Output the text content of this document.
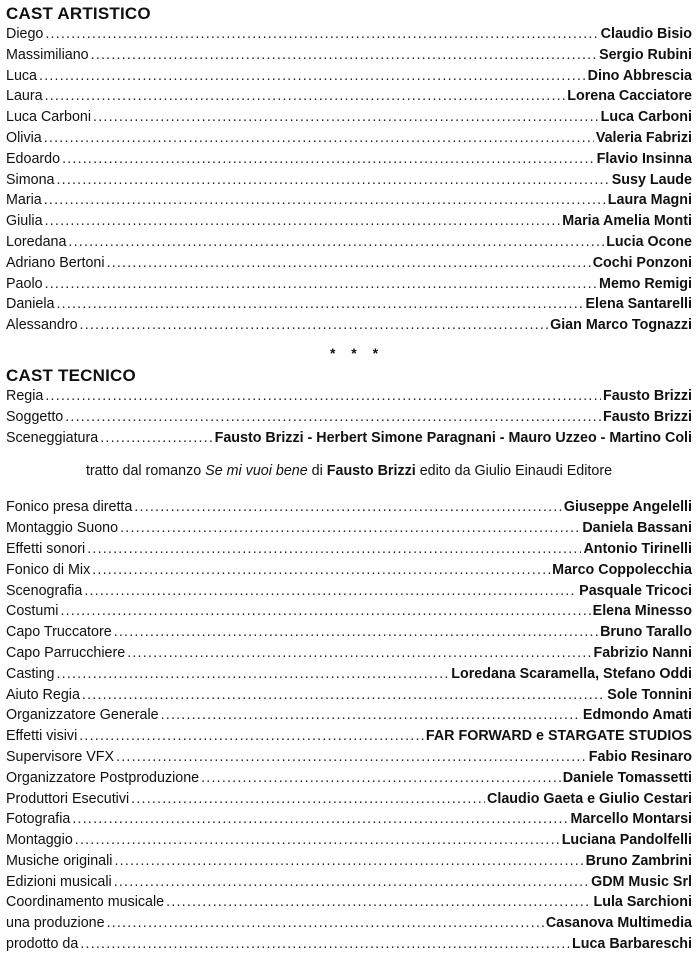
CAST ARTISTICO
Diego .....	Claudio Bisio
Massimiliano .....	Sergio Rubini
Luca .....	Dino Abbrescia
Laura .....	Lorena Cacciatore
Luca Carboni .....	Luca Carboni
Olivia .....	Valeria Fabrizi
Edoardo .....	Flavio Insinna
Simona .....	Susy Laude
Maria .....	Laura Magni
Giulia .....	Maria Amelia Monti
Loredana .....	Lucia Ocone
Adriano Bertoni .....	Cochi Ponzoni
Paolo .....	Memo Remigi
Daniela .....	Elena Santarelli
Alessandro .....	Gian Marco Tognazzi
* * *
CAST TECNICO
Regia .....	Fausto Brizzi
Soggetto .....	Fausto Brizzi
Sceneggiatura .....	Fausto Brizzi - Herbert Simone Paragnani - Mauro Uzzeo - Martino Coli
tratto dal romanzo Se mi vuoi bene di Fausto Brizzi edito da Giulio Einaudi Editore
Fonico presa diretta .....	Giuseppe Angelelli
Montaggio Suono .....	Daniela Bassani
Effetti sonori .....	Antonio Tirinelli
Fonico di Mix .....	Marco Coppolecchia
Scenografia .....	Pasquale Tricoci
Costumi .....	Elena Minesso
Capo Truccatore .....	Bruno Tarallo
Capo Parrucchiere .....	Fabrizio Nanni
Casting .....	Loredana Scaramella, Stefano Oddi
Aiuto Regia .....	Sole Tonnini
Organizzatore Generale .....	Edmondo Amati
Effetti visivi .....	FAR FORWARD e STARGATE STUDIOS
Supervisore VFX .....	Fabio Resinaro
Organizzatore Postproduzione .....	Daniele Tomassetti
Produttori Esecutivi .....	Claudio Gaeta e Giulio Cestari
Fotografia .....	Marcello Montarsi
Montaggio .....	Luciana Pandolfelli
Musiche originali .....	Bruno Zambrini
Edizioni musicali .....	GDM Music Srl
Coordinamento musicale .....	Lula Sarchioni
una produzione .....	Casanova Multimedia
prodotto da .....	Luca Barbareschi
